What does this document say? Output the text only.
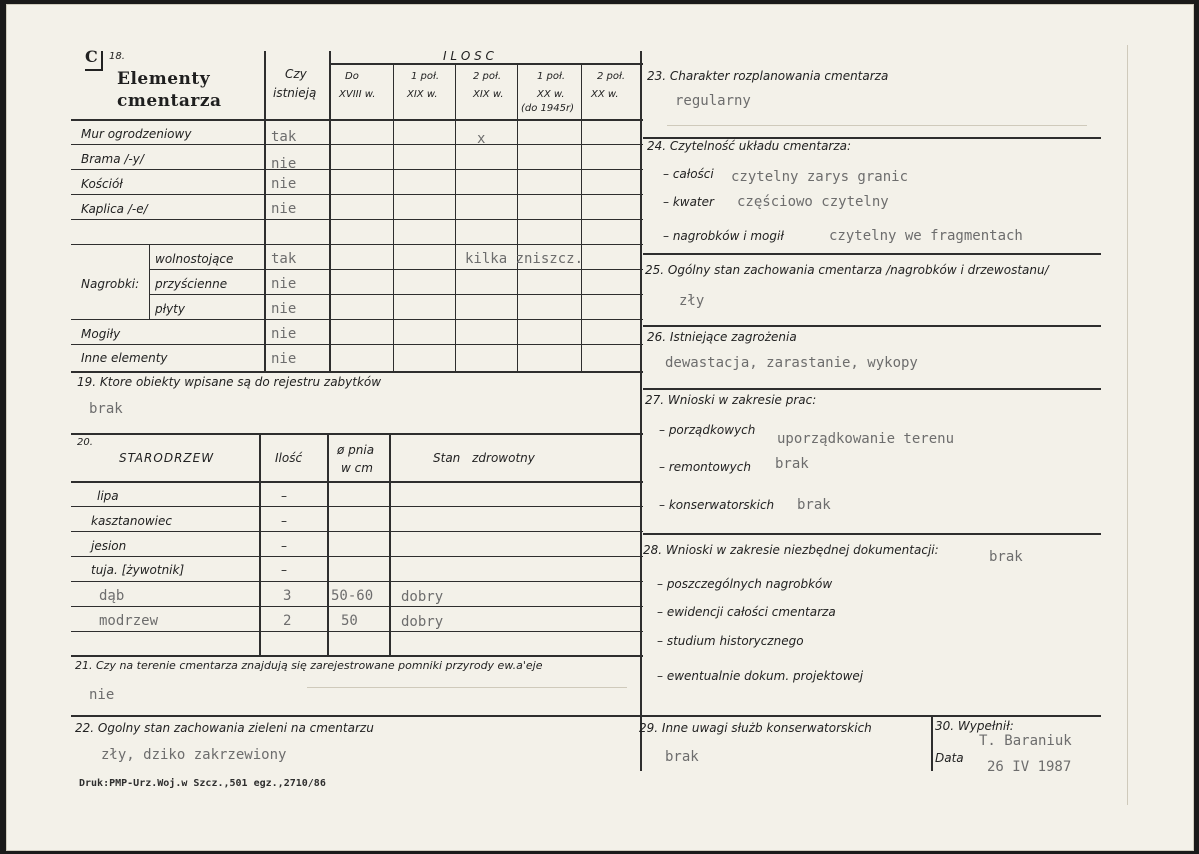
C 18.
Elementy
cmentarza
Czy
istnieją
I L O S C
Do
XVIII w.
1 poł.
XIX w.
2 poł.
XIX w.
1 poł.
XX w.
(do 1945r)
2 poł.
XX w.
Mur ogrodzeniowy	tak	x
Brama /-y/	nie
Kościół	nie
Kaplica /-e/	nie
Nagrobki:
wolnostojące	tak	kilka zniszcz.
przyścienne	nie
płyty	nie
Mogiły	nie
Inne elementy	nie
19. Ktore obiekty wpisane są do rejestru zabytków
brak
20.
STARODRZEW	Ilość
ø pnia
w cm
Stan zdrowotny
lipa	–
kasztanowiec	–
jesion	–
tuja. [żywotnik]	–
dąb	3	50-60 dobry
modrzew	2	50	dobry
21. Czy na terenie cmentarza znajdują się zarejestrowane pomniki przyrody ew.a'eje
nie
22. Ogolny stan zachowania zieleni na cmentarzu
zły, dziko zakrzewiony
Druk:PMP-Urz.Woj.w Szcz.,501 egz.,2710/86
23. Charakter rozplanowania cmentarza
regularny
24. Czytelność układu cmentarza:
– całości czytelny zarys granic
– kwater częściowo czytelny
– nagrobków i mogił	czytelny we fragmentach
25. Ogólny stan zachowania cmentarza /nagrobków i drzewostanu/
zły
26. Istniejące zagrożenia
dewastacja, zarastanie, wykopy
27. Wnioski w zakresie prac:
– porządkowych
uporządkowanie terenu
– remontowych brak
– konserwatorskich brak
28. Wnioski w zakresie niezbędnej dokumentacji:	brak
– poszczególnych nagrobków
– ewidencji całości cmentarza
– studium historycznego
– ewentualnie dokum. projektowej
29. Inne uwagi służb konserwatorskich
brak
30. Wypełnił:
T. Baraniuk
Data
26 IV 1987
